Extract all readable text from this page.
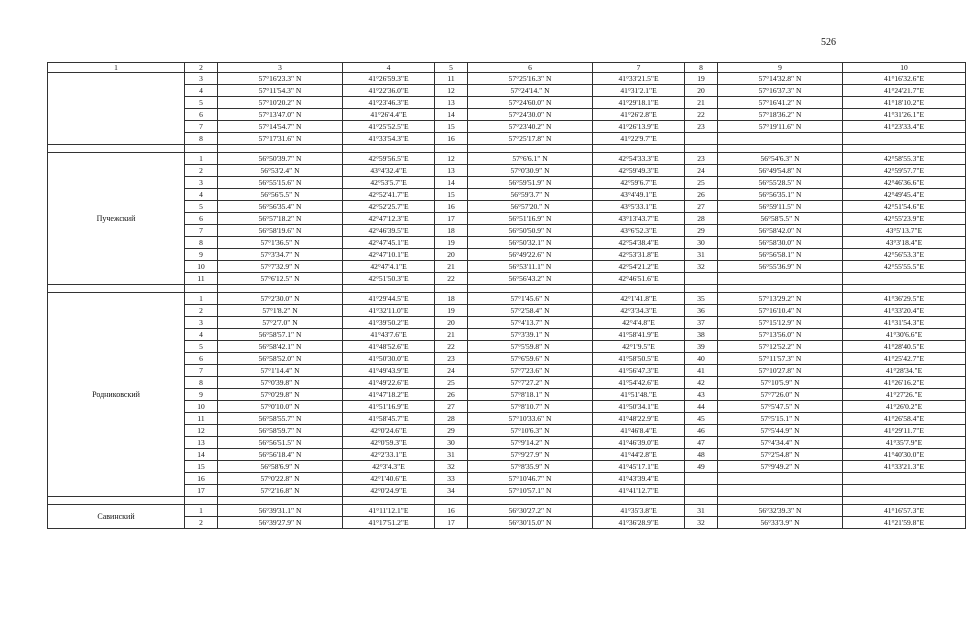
526
1	2	3	4	5	6	7	8	9	10
	3	57°16'23.3" N	41°26'59.3"E	11	57°25'16.3" N	41°33'21.5"E	19	57°14'32.8" N	41°16'32.6"E
	4	57°11'54.3" N	41°22'36.0"E	12	57°24'14." N	41°31'2.1"E	20	57°16'37.3" N	41°24'21.7"E
	5	57°10'20.2" N	41°23'46.3"E	13	57°24'60.0" N	41°29'18.1"E	21	57°16'41.2" N	41°18'10.2"E
	6	57°13'47.0" N	41°26'4.4"E	14	57°24'30.0" N	41°26'2.8"E	22	57°18'36.2" N	41°31'26.1"E
	7	57°14'54.7" N	41°25'52.5"E	15	57°23'40.2" N	41°26'13.9"E	23	57°19'11.6" N	41°23'33.4"E
	8	57°17'31.6" N	41°33'54.3"E	16	57°25'17.8" N	41°22'9.7"E			

Пучежский	1	56°50'39.7" N	42°59'56.5"E	12	57°6'6.1" N	42°54'33.3"E	23	56°54'6.3" N	42°58'55.3"E
	2	56°53'2.4" N	43°4'32.4"E	13	57°0'30.9" N	42°59'49.3"E	24	56°49'54.8" N	42°59'57.7"E
	3	56°55'15.6" N	42°53'5.7"E	14	56°59'51.9" N	42°59'6.7"E	25	56°55'28.5" N	42°46'36.6"E
	4	56°56'5.5" N	42°52'41.7"E	15	56°59'3.7" N	43°4'49.1"E	26	56°56'35.1" N	42°49'45.4"E
	5	56°56'35.4" N	42°52'25.7"E	16	56°57'20." N	43°5'33.1"E	27	56°59'11.5" N	42°51'54.6"E
	6	56°57'18.2" N	42°47'12.3"E	17	56°51'16.9" N	43°13'43.7"E	28	56°58'5.5" N	42°55'23.9"E
	7	56°58'19.6" N	42°46'39.5"E	18	56°50'50.9" N	43°6'52.3"E	29	56°58'42.0" N	43°5'13.7"E
	8	57°1'36.5" N	42°47'45.1"E	19	56°50'32.1" N	42°54'38.4"E	30	56°58'30.0" N	43°3'18.4"E
	9	57°3'34.7" N	42°47'10.1"E	20	56°49'22.6" N	42°53'31.8"E	31	56°56'58.1" N	42°56'53.3"E
	10	57°7'32.9" N	42°47'4.1"E	21	56°53'11.1" N	42°54'21.2"E	32	56°55'36.9" N	42°55'55.5"E
	11	57°6'12.5" N	42°51'50.3"E	22	56°56'43.2" N	42°46'51.6"E			

Родниковский	1	57°2'30.0" N	41°29'44.5"E	18	57°1'45.6" N	42°1'41.8"E	35	57°13'29.2" N	41°36'29.5"E
	2	57°1'8.2" N	41°32'11.0"E	19	57°2'58.4" N	42°3'34.3"E	36	57°16'10.4" N	41°33'20.4"E
	3	57°2'7.0" N	41°39'50.2"E	20	57°4'13.7" N	42°4'4.8"E	37	57°15'12.9" N	41°31'54.3"E
	4	56°58'57.1" N	41°43'7.6"E	21	57°3'39.1" N	41°58'41.9"E	38	57°13'56.0" N	41°30'6.6"E
	5	56°58'42.1" N	41°48'52.6"E	22	57°5'59.8" N	42°1'9.5"E	39	57°12'52.2" N	41°28'40.5"E
	6	56°58'52.0" N	41°50'30.0"E	23	57°6'59.6" N	41°58'50.5"E	40	57°11'57.3" N	41°25'42.7"E
	7	57°1'14.4" N	41°49'43.9"E	24	57°7'23.6" N	41°56'47.3"E	41	57°10'27.8" N	41°28'34."E
	8	57°0'39.8" N	41°49'22.6"E	25	57°7'27.2" N	41°54'42.6"E	42	57°10'5.9" N	41°26'16.2"E
	9	57°0'29.8" N	41°47'18.2"E	26	57°8'18.1" N	41°51'48."E	43	57°7'26.0" N	41°27'26."E
	10	57°0'10.0" N	41°51'16.9"E	27	57°8'10.7" N	41°50'34.1"E	44	57°5'47.5" N	41°26'0.2"E
	11	56°58'55.7" N	41°58'45.7"E	28	57°10'33.6" N	41°48'22.9"E	45	57°5'15.1" N	41°26'58.4"E
	12	56°58'59.7" N	42°0'24.6"E	29	57°10'6.3" N	41°46'8.4"E	46	57°5'44.9" N	41°29'11.7"E
	13	56°56'51.5" N	42°0'59.3"E	30	57°9'14.2" N	41°46'39.0"E	47	57°4'34.4" N	41°35'7.9"E
	14	56°56'18.4" N	42°2'33.1"E	31	57°9'27.9" N	41°44'2.8"E	48	57°2'54.8" N	41°40'30.0"E
	15	56°58'6.9" N	42°3'4.3"E	32	57°8'35.9" N	41°45'17.1"E	49	57°9'49.2" N	41°33'21.3"E
	16	57°0'22.8" N	42°1'40.6"E	33	57°10'46.7" N	41°43'39.4"E			
	17	57°2'16.8" N	42°0'24.9"E	34	57°10'57.1" N	41°41'12.7"E			

Савинский	1	56°39'31.1" N	41°11'12.1"E	16	56°30'27.2" N	41°35'3.8"E	31	56°32'39.3" N	41°16'57.3"E
	2	56°39'27.9" N	41°17'51.2"E	17	56°30'15.0" N	41°36'28.9"E	32	56°33'3.9" N	41°21'59.8"E
